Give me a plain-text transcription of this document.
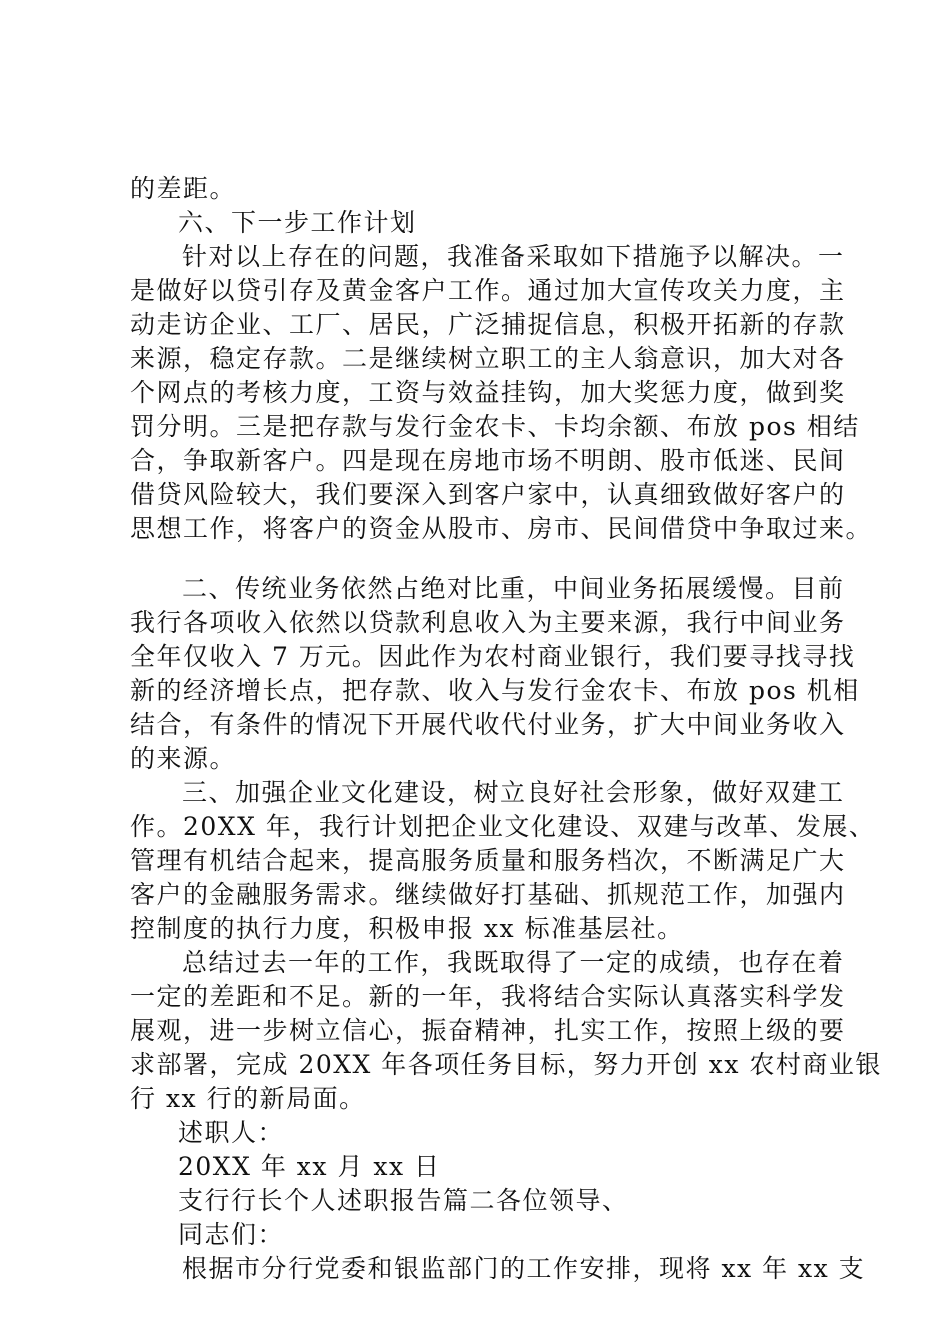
的差距。
六、下一步工作计划
针对以上存在的问题，我准备采取如下措施予以解决。一
是做好以贷引存及黄金客户工作。通过加大宣传攻关力度，主
动走访企业、工厂、居民，广泛捕捉信息，积极开拓新的存款
来源，稳定存款。二是继续树立职工的主人翁意识，加大对各
个网点的考核力度，工资与效益挂钩，加大奖惩力度，做到奖
罚分明。三是把存款与发行金农卡、卡均余额、布放 pos 相结
合，争取新客户。四是现在房地市场不明朗、股市低迷、民间
借贷风险较大，我们要深入到客户家中，认真细致做好客户的
思想工作，将客户的资金从股市、房市、民间借贷中争取过来。
二、传统业务依然占绝对比重，中间业务拓展缓慢。目前
我行各项收入依然以贷款利息收入为主要来源，我行中间业务
全年仅收入 7 万元。因此作为农村商业银行，我们要寻找寻找
新的经济增长点，把存款、收入与发行金农卡、布放 pos 机相
结合，有条件的情况下开展代收代付业务，扩大中间业务收入
的来源。
三、加强企业文化建设，树立良好社会形象，做好双建工
作。20XX 年，我行计划把企业文化建设、双建与改革、发展、
管理有机结合起来，提高服务质量和服务档次，不断满足广大
客户的金融服务需求。继续做好打基础、抓规范工作，加强内
控制度的执行力度，积极申报 xx 标准基层社。
总结过去一年的工作，我既取得了一定的成绩，也存在着
一定的差距和不足。新的一年，我将结合实际认真落实科学发
展观，进一步树立信心，振奋精神，扎实工作，按照上级的要
求部署，完成 20XX 年各项任务目标，努力开创 xx 农村商业银
行 xx 行的新局面。
述职人：
20XX 年 xx 月 xx 日
支行行长个人述职报告篇二各位领导、
同志们：
根据市分行党委和银监部门的工作安排，现将 xx 年 xx 支
